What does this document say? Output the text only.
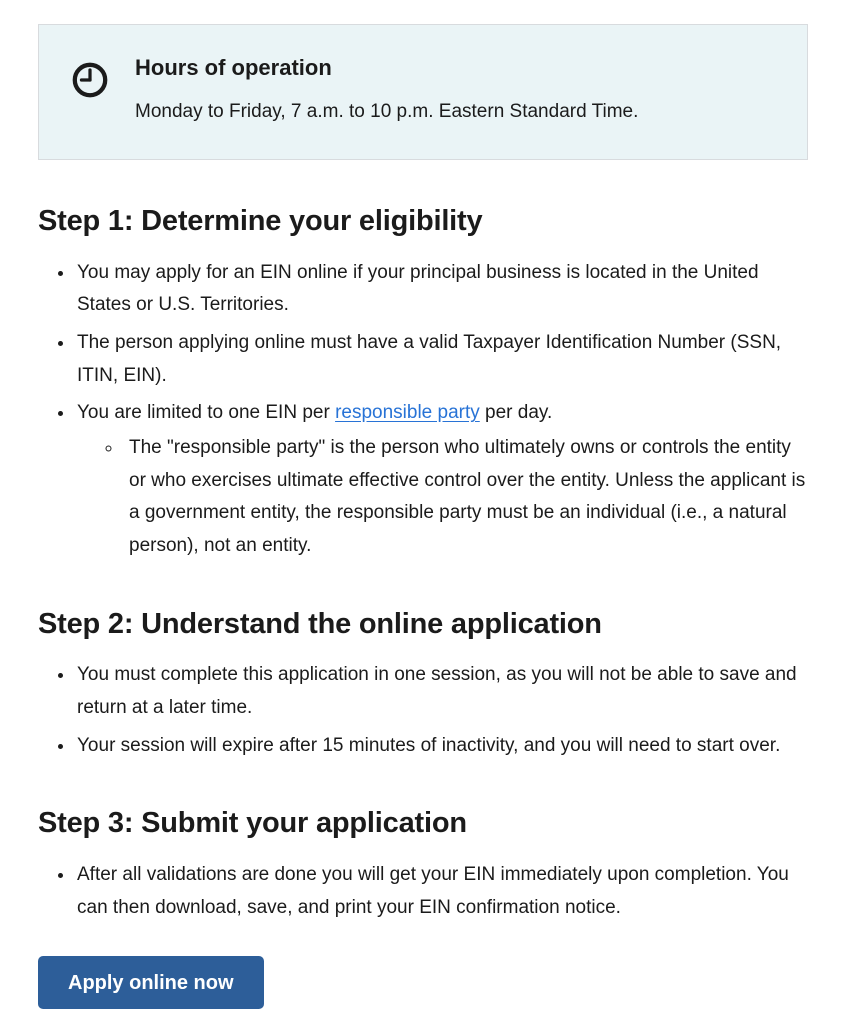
Hours of operation

Monday to Friday, 7 a.m. to 10 p.m. Eastern Standard Time.

Step 1: Determine your eligibility
• You may apply for an EIN online if your principal business is located in the United States or U.S. Territories.
• The person applying online must have a valid Taxpayer Identification Number (SSN, ITIN, EIN).
• You are limited to one EIN per responsible party per day.
◦ The "responsible party" is the person who ultimately owns or controls the entity or who exercises ultimate effective control over the entity. Unless the applicant is a government entity, the responsible party must be an individual (i.e., a natural person), not an entity.
Step 2: Understand the online application
• You must complete this application in one session, as you will not be able to save and return at a later time.
• Your session will expire after 15 minutes of inactivity, and you will need to start over.
Step 3: Submit your application
• After all validations are done you will get your EIN immediately upon completion. You can then download, save, and print your EIN confirmation notice.
Apply online now
